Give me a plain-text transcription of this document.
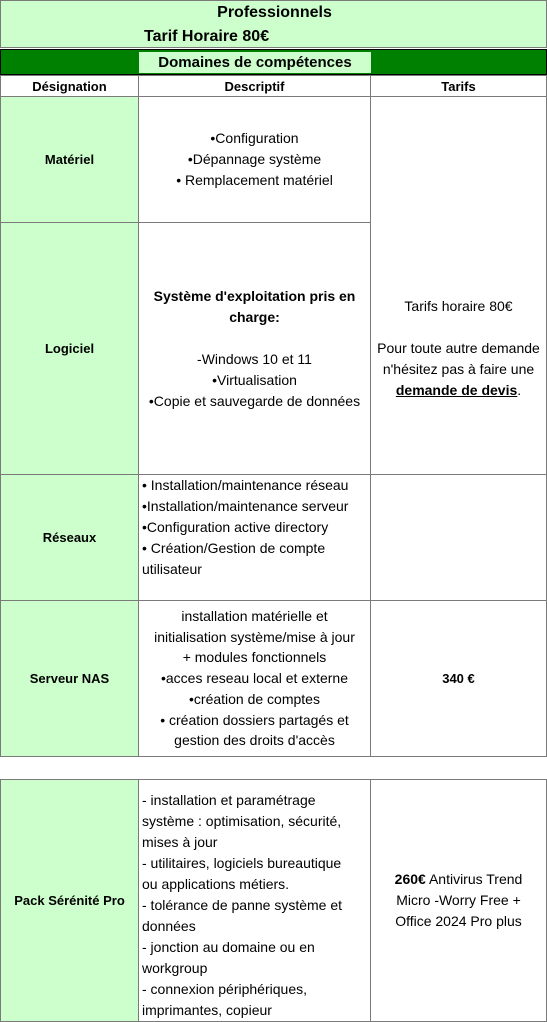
Professionnels
Tarif Horaire 80€
Domaines de compétences
Désignation	Descriptif	Tarifs
Matériel
•Configuration
•Dépannage système
• Remplacement matériel
Logiciel
Système d'exploitation pris en
charge:
-Windows 10 et 11
•Virtualisation
•Copie et sauvegarde de données
Tarifs horaire 80€
Pour toute autre demande
n'hésitez pas à faire une
demande de devis.
Réseaux
• Installation/maintenance réseau
•Installation/maintenance serveur
•Configuration active directory
• Création/Gestion de compte
utilisateur
Serveur NAS
installation matérielle et
initialisation système/mise à jour
+ modules fonctionnels
•acces reseau local et externe
•création de comptes
• création dossiers partagés et
gestion des droits d'accès
340 €
Pack Sérénité Pro
- installation et paramétrage
système : optimisation, sécurité,
mises à jour
- utilitaires, logiciels bureautique
ou applications métiers.
- tolérance de panne système et
données
- jonction au domaine ou en
workgroup
- connexion périphériques,
imprimantes, copieur
260€ Antivirus Trend
Micro -Worry Free +
Office 2024 Pro plus
